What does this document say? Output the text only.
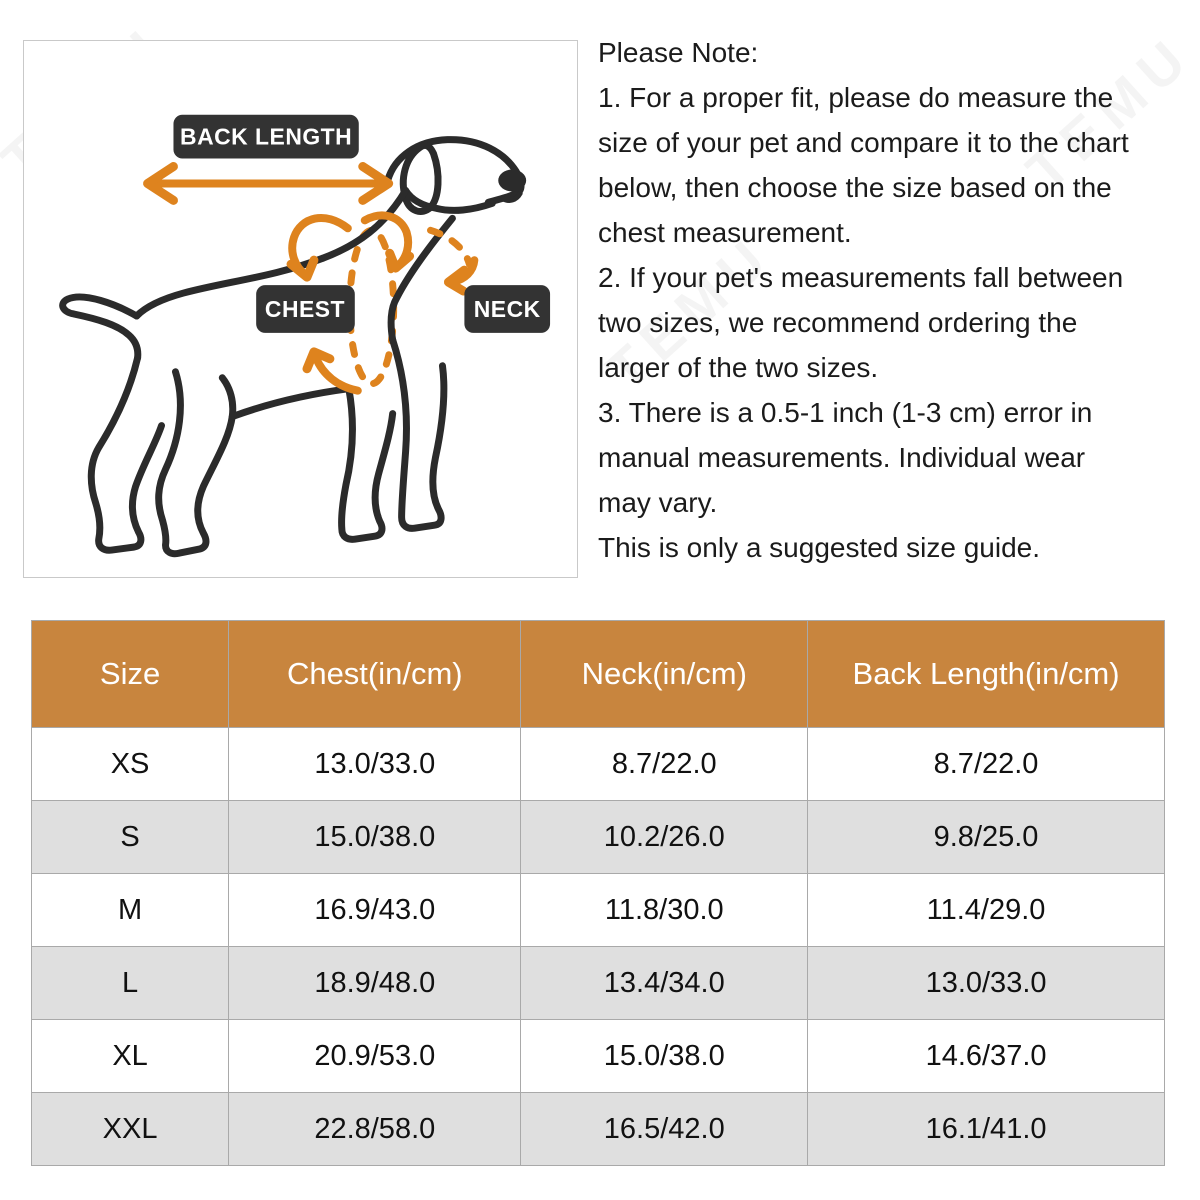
BACK LENGTH
CHEST	NECK
Please Note:
1. For a proper fit, please do measure the
size of your pet and compare it to the chart
below, then choose the size based on the
chest measurement.
2. If your pet's measurements fall between
two sizes, we recommend ordering the
larger of the two sizes.
3. There is a 0.5-1 inch (1-3 cm) error in
manual measurements. Individual wear
may vary.
This is only a suggested size guide.
Size	Chest(in/cm)	Neck(in/cm)	Back Length(in/cm)
XS	13.0/33.0	8.7/22.0	8.7/22.0
S	15.0/38.0	10.2/26.0	9.8/25.0
M	16.9/43.0	11.8/30.0	11.4/29.0
L	18.9/48.0	13.4/34.0	13.0/33.0
XL	20.9/53.0	15.0/38.0	14.6/37.0
XXL	22.8/58.0	16.5/42.0	16.1/41.0
